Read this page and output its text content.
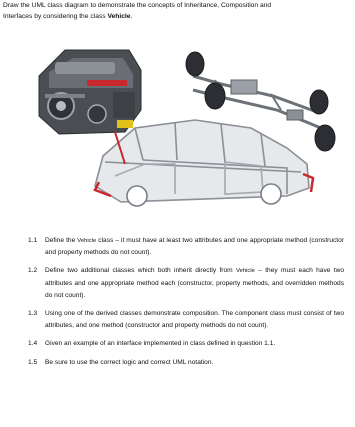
Draw the UML class diagram to demonstrate the concepts of Inheritance, Composition and
Interfaces by considering the class Vehicle.
1.1 Define the Vehicle class – it must have at least two attributes and one appropriate method (constructor and property methods do not count).
1.2 Define two additional classes which both inherit directly from Vehicle – they must each have two attributes and one appropriate method each (constructor, property methods, and overridden methods do not count).
1.3 Using one of the derived classes demonstrate composition. The component class must consist of two attributes, and one method (constructor and property methods do not count).
1.4 Given an example of an interface implemented in class defined in question 1.1.
1.5 Be sure to use the correct logic and correct UML notation.
